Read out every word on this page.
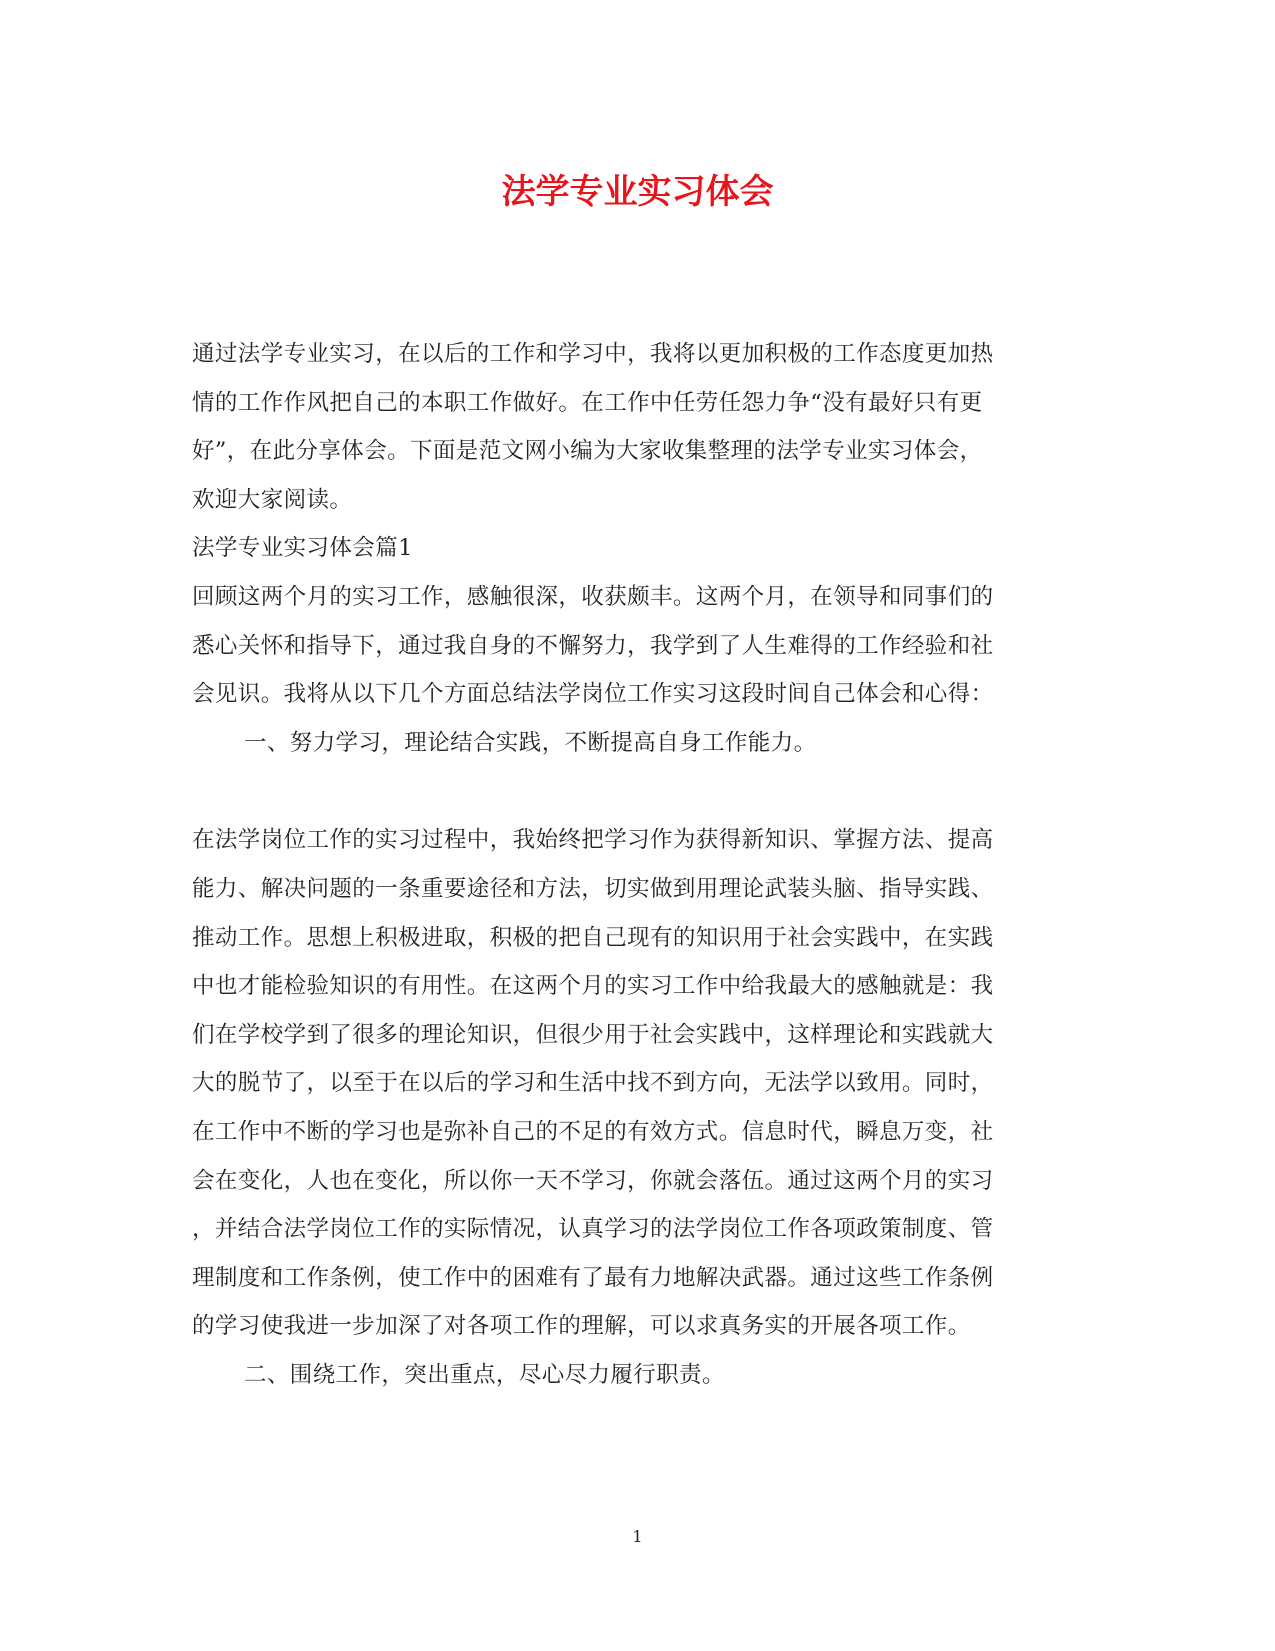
法学专业实习体会
通过法学专业实习，在以后的工作和学习中，我将以更加积极的工作态度更加热
情的工作作风把自己的本职工作做好。在工作中任劳任怨力争“没有最好只有更
好”，在此分享体会。下面是范文网小编为大家收集整理的法学专业实习体会，
欢迎大家阅读。
法学专业实习体会篇1
回顾这两个月的实习工作，感触很深，收获颇丰。这两个月，在领导和同事们的
悉心关怀和指导下，通过我自身的不懈努力，我学到了人生难得的工作经验和社
会见识。我将从以下几个方面总结法学岗位工作实习这段时间自己体会和心得：
一、努力学习，理论结合实践，不断提高自身工作能力。
在法学岗位工作的实习过程中，我始终把学习作为获得新知识、掌握方法、提高
能力、解决问题的一条重要途径和方法，切实做到用理论武装头脑、指导实践、
推动工作。思想上积极进取，积极的把自己现有的知识用于社会实践中，在实践
中也才能检验知识的有用性。在这两个月的实习工作中给我最大的感触就是：我
们在学校学到了很多的理论知识，但很少用于社会实践中，这样理论和实践就大
大的脱节了，以至于在以后的学习和生活中找不到方向，无法学以致用。同时，
在工作中不断的学习也是弥补自己的不足的有效方式。信息时代，瞬息万变，社
会在变化，人也在变化，所以你一天不学习，你就会落伍。通过这两个月的实习
，并结合法学岗位工作的实际情况，认真学习的法学岗位工作各项政策制度、管
理制度和工作条例，使工作中的困难有了最有力地解决武器。通过这些工作条例
的学习使我进一步加深了对各项工作的理解，可以求真务实的开展各项工作。
二、围绕工作，突出重点，尽心尽力履行职责。
1
